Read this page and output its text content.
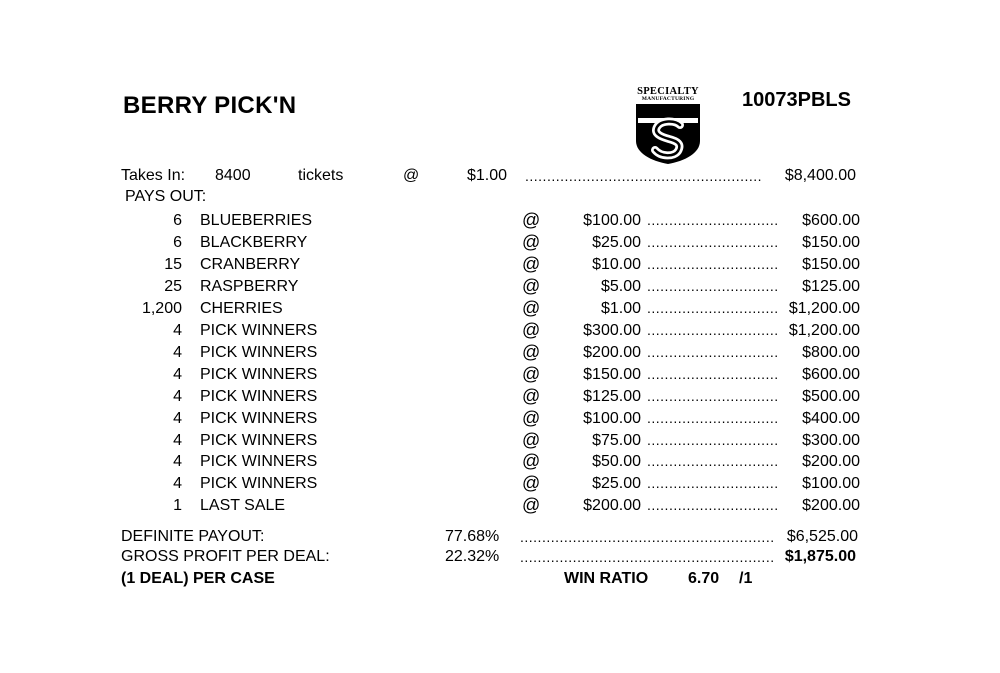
BERRY PICK'N
SPECIALTY
MANUFACTURING	10073PBLS
Takes In: 8400	tickets	@	$1.00 ...................................................... $8,400.00
PAYS OUT:
6 BLUEBERRIES	@	$100.00 .............................. $600.00
6 BLACKBERRY	@	$25.00 .............................. $150.00
15 CRANBERRY	@	$10.00 .............................. $150.00
25 RASPBERRY	@	$5.00 .............................. $125.00
1,200 CHERRIES	@	$1.00 .............................. $1,200.00
4 PICK WINNERS	@	$300.00 .............................. $1,200.00
4 PICK WINNERS	@	$200.00 .............................. $800.00
4 PICK WINNERS	@	$150.00 .............................. $600.00
4 PICK WINNERS	@	$125.00 .............................. $500.00
4 PICK WINNERS	@	$100.00 .............................. $400.00
4 PICK WINNERS	@	$75.00 .............................. $300.00
4 PICK WINNERS	@	$50.00 .............................. $200.00
4 PICK WINNERS	@	$25.00 .............................. $100.00
1 LAST SALE	@	$200.00 .............................. $200.00
DEFINITE PAYOUT:	77.68% .......................................................... $6,525.00
GROSS PROFIT PER DEAL:	22.32% .......................................................... $1,875.00
(1 DEAL) PER CASE	WIN RATIO 6.70 /1
